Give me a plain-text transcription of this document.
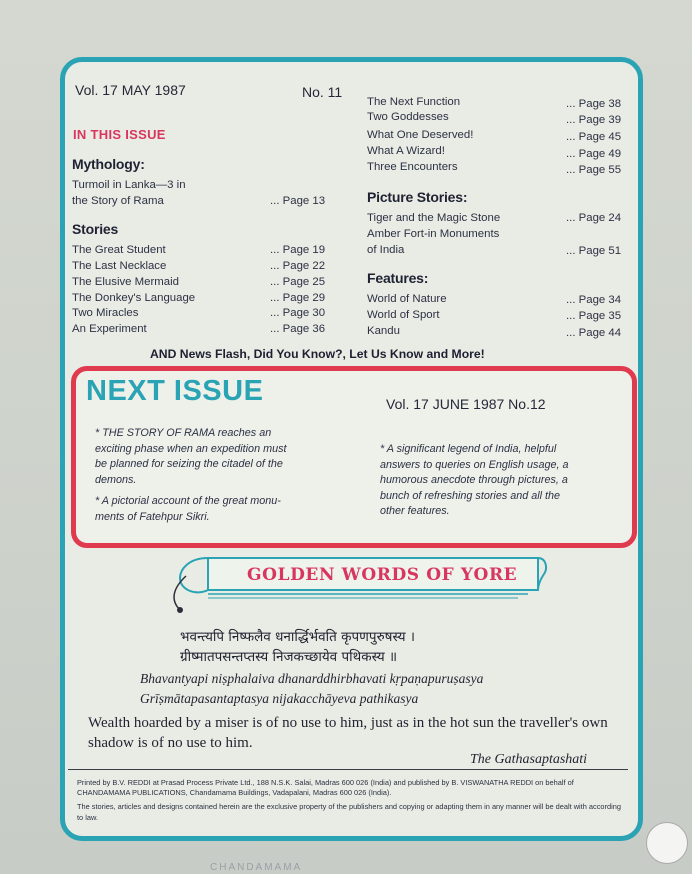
Vol. 17 MAY 1987	No. 11
IN THIS ISSUE
Mythology:
Turmoil in Lanka—3 in
the Story of Rama	... Page 13
Stories
The Great Student	... Page 19
The Last Necklace	... Page 22
The Elusive Mermaid	... Page 25
The Donkey's Language	... Page 29
Two Miracles	... Page 30
An Experiment	... Page 36
The Next Function	... Page 38
Two Goddesses	... Page 39
What One Deserved!	... Page 45
What A Wizard!	... Page 49
Three Encounters	... Page 55
Picture Stories:
Tiger and the Magic Stone	... Page 24
Amber Fort-in Monuments
of India	... Page 51
Features:
World of Nature	... Page 34
World of Sport	... Page 35
Kandu	... Page 44
AND News Flash, Did You Know?, Let Us Know and More!
NEXT ISSUE	Vol. 17 JUNE 1987 No.12
* THE STORY OF RAMA reaches an
exciting phase when an expedition must
be planned for seizing the citadel of the
demons.
* A pictorial account of the great monu-
ments of Fatehpur Sikri.
* A significant legend of India, helpful
answers to queries on English usage, a
humorous anecdote through pictures, a
bunch of refreshing stories and all the
other features.
GOLDEN WORDS OF YORE
भवन्त्यपि निष्फलैव धनार्द्धिर्भवति कृपणपुरुषस्य ।
ग्रीष्मातपसन्तप्तस्य निजकच्छायेव पथिकस्य ॥
Bhavantyapi niṣphalaiva dhanarddhirbhavati kṛpaṇapuruṣasya
Grīṣmātapasantaptasya nijakacchāyeva pathikasya
Wealth hoarded by a miser is of no use to him, just as in the hot sun the traveller's own shadow is of no use to him.
The Gathasaptashati
Printed by B.V. REDDI at Prasad Process Private Ltd., 188 N.S.K. Salai, Madras 600 026 (India) and published by B. VISWANATHA REDDI on behalf of CHANDAMAMA PUBLICATIONS, Chandamama Buildings, Vadapalani, Madras 600 026 (India).
The stories, articles and designs contained herein are the exclusive property of the publishers and copying or adapting them in any manner will be dealt with according to law.
CHANDAMAMA
